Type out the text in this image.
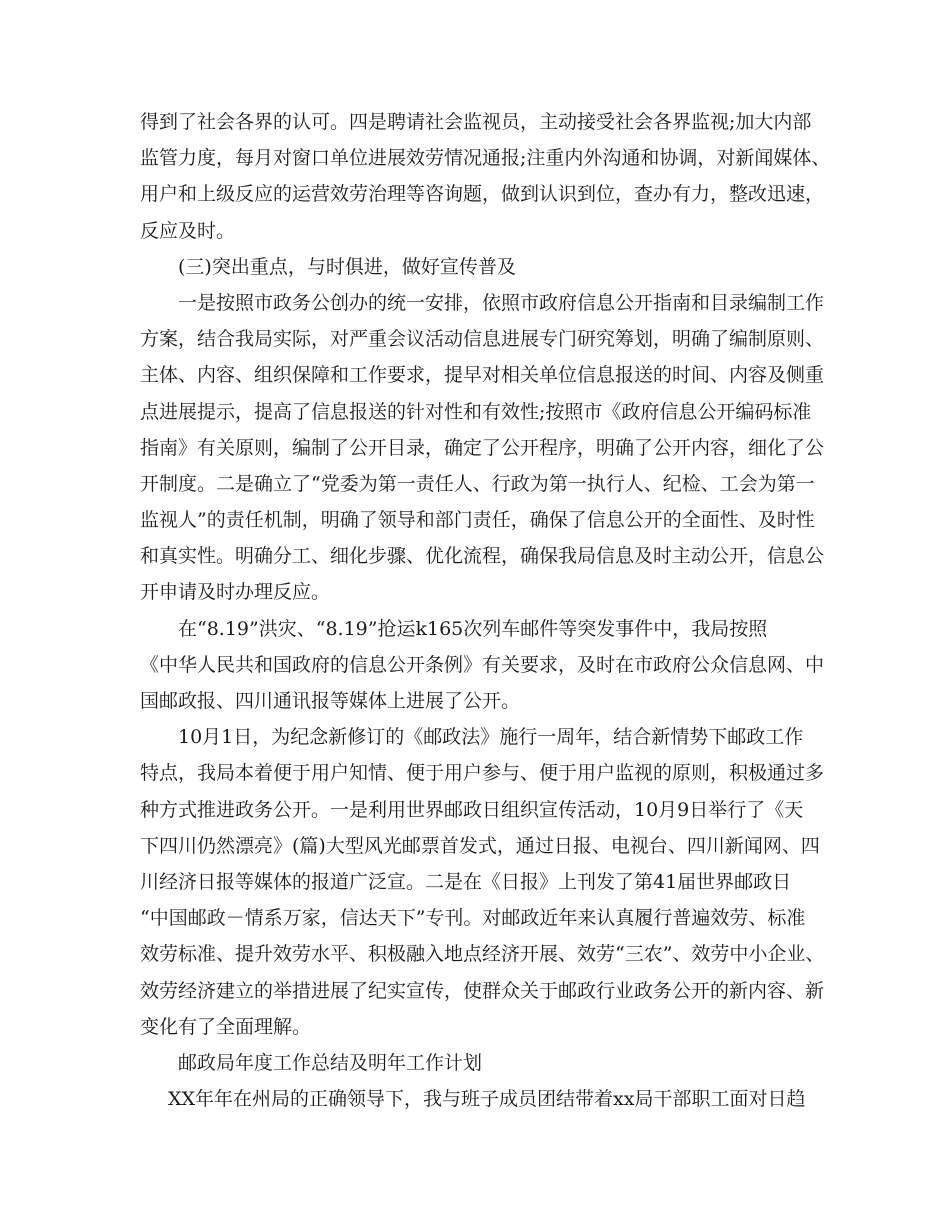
得到了社会各界的认可。四是聘请社会监视员，主动接受社会各界监视;加大内部
监管力度，每月对窗口单位进展效劳情况通报;注重内外沟通和协调，对新闻媒体、
用户和上级反应的运营效劳治理等咨询题，做到认识到位，查办有力，整改迅速，
反应及时。
(三)突出重点，与时俱进，做好宣传普及
一是按照市政务公创办的统一安排，依照市政府信息公开指南和目录编制工作
方案，结合我局实际，对严重会议活动信息进展专门研究筹划，明确了编制原则、
主体、内容、组织保障和工作要求，提早对相关单位信息报送的时间、内容及侧重
点进展提示，提高了信息报送的针对性和有效性;按照市《政府信息公开编码标准
指南》有关原则，编制了公开目录，确定了公开程序，明确了公开内容，细化了公
开制度。二是确立了“党委为第一责任人、行政为第一执行人、纪检、工会为第一
监视人”的责任机制，明确了领导和部门责任，确保了信息公开的全面性、及时性
和真实性。明确分工、细化步骤、优化流程，确保我局信息及时主动公开，信息公
开申请及时办理反应。
在“8.19”洪灾、“8.19”抢运k165次列车邮件等突发事件中，我局按照
《中华人民共和国政府的信息公开条例》有关要求，及时在市政府公众信息网、中
国邮政报、四川通讯报等媒体上进展了公开。
10月1日，为纪念新修订的《邮政法》施行一周年，结合新情势下邮政工作
特点，我局本着便于用户知情、便于用户参与、便于用户监视的原则，积极通过多
种方式推进政务公开。一是利用世界邮政日组织宣传活动，10月9日举行了《天
下四川仍然漂亮》(篇)大型风光邮票首发式，通过日报、电视台、四川新闻网、四
川经济日报等媒体的报道广泛宣。二是在《日报》上刊发了第41届世界邮政日
“中国邮政－情系万家，信达天下”专刊。对邮政近年来认真履行普遍效劳、标准
效劳标准、提升效劳水平、积极融入地点经济开展、效劳“三农”、效劳中小企业、
效劳经济建立的举措进展了纪实宣传，使群众关于邮政行业政务公开的新内容、新
变化有了全面理解。
邮政局年度工作总结及明年工作计划
XX年年在州局的正确领导下，我与班子成员团结带着xx局干部职工面对日趋
